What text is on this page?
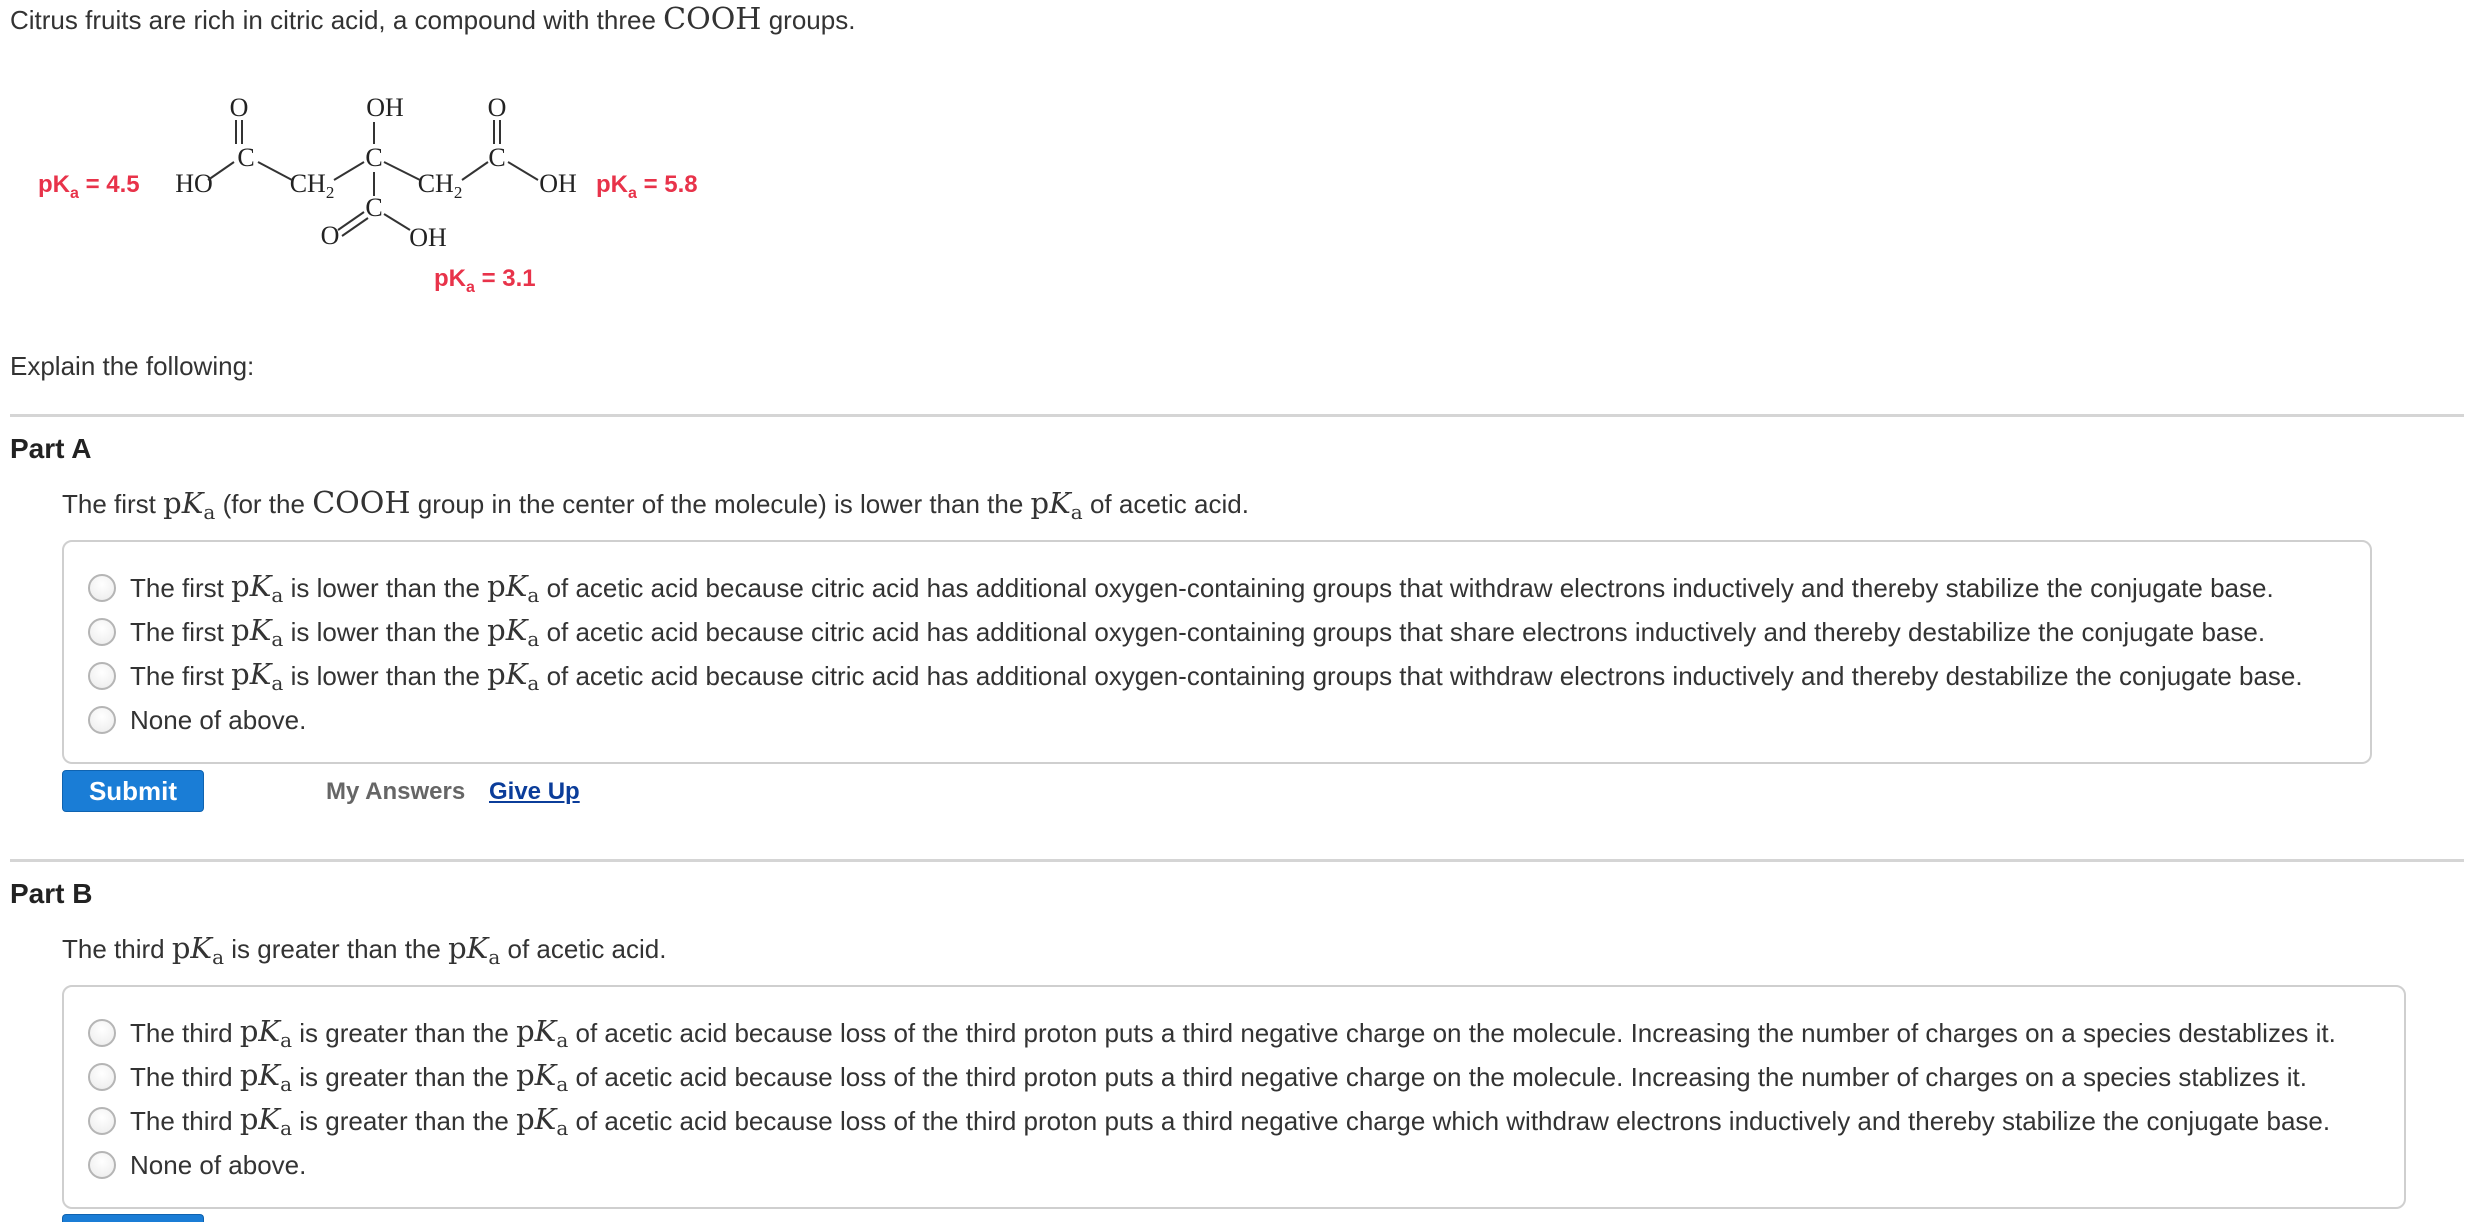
Citrus fruits are rich in citric acid, a compound with three COOH groups.
O	OH	O
C	C	C
HO	$CH_2$	$CH_2$	OH
C
O	OH
$pK_a = 4.5$	$pK_a = 5.8$
$pK_a = 3.1$
Explain the following:
Part A
The first $pK_a$ (for the COOH group in the center of the molecule) is lower than the $pK_a$ of acetic acid.
The first
$pK_a$
is lower than the
$pK_a$
of acetic acid because citric acid has additional oxygen-containing groups that withdraw electrons inductively and thereby stabilize the conjugate base.
The first
$pK_a$
is lower than the
$pK_a$
of acetic acid because citric acid has additional oxygen-containing groups that share electrons inductively and thereby destabilize the conjugate base.
The first
$pK_a$
is lower than the
$pK_a$
of acetic acid because citric acid has additional oxygen-containing groups that withdraw electrons inductively and thereby destabilize the conjugate base.
None of above.
Submit	My Answers Give Up
Part B
The third $pK_a$ is greater than the $pK_a$ of acetic acid.
The third
$pK_a$
is greater than the
$pK_a$
of acetic acid because loss of the third proton puts a third negative charge on the molecule. Increasing the number of charges on a species destablizes it.
The third
$pK_a$
is greater than the
$pK_a$
of acetic acid because loss of the third proton puts a third negative charge on the molecule. Increasing the number of charges on a species stablizes it.
The third
$pK_a$
is greater than the
$pK_a$
of acetic acid because loss of the third proton puts a third negative charge which withdraw electrons inductively and thereby stabilize the conjugate base.
None of above.
